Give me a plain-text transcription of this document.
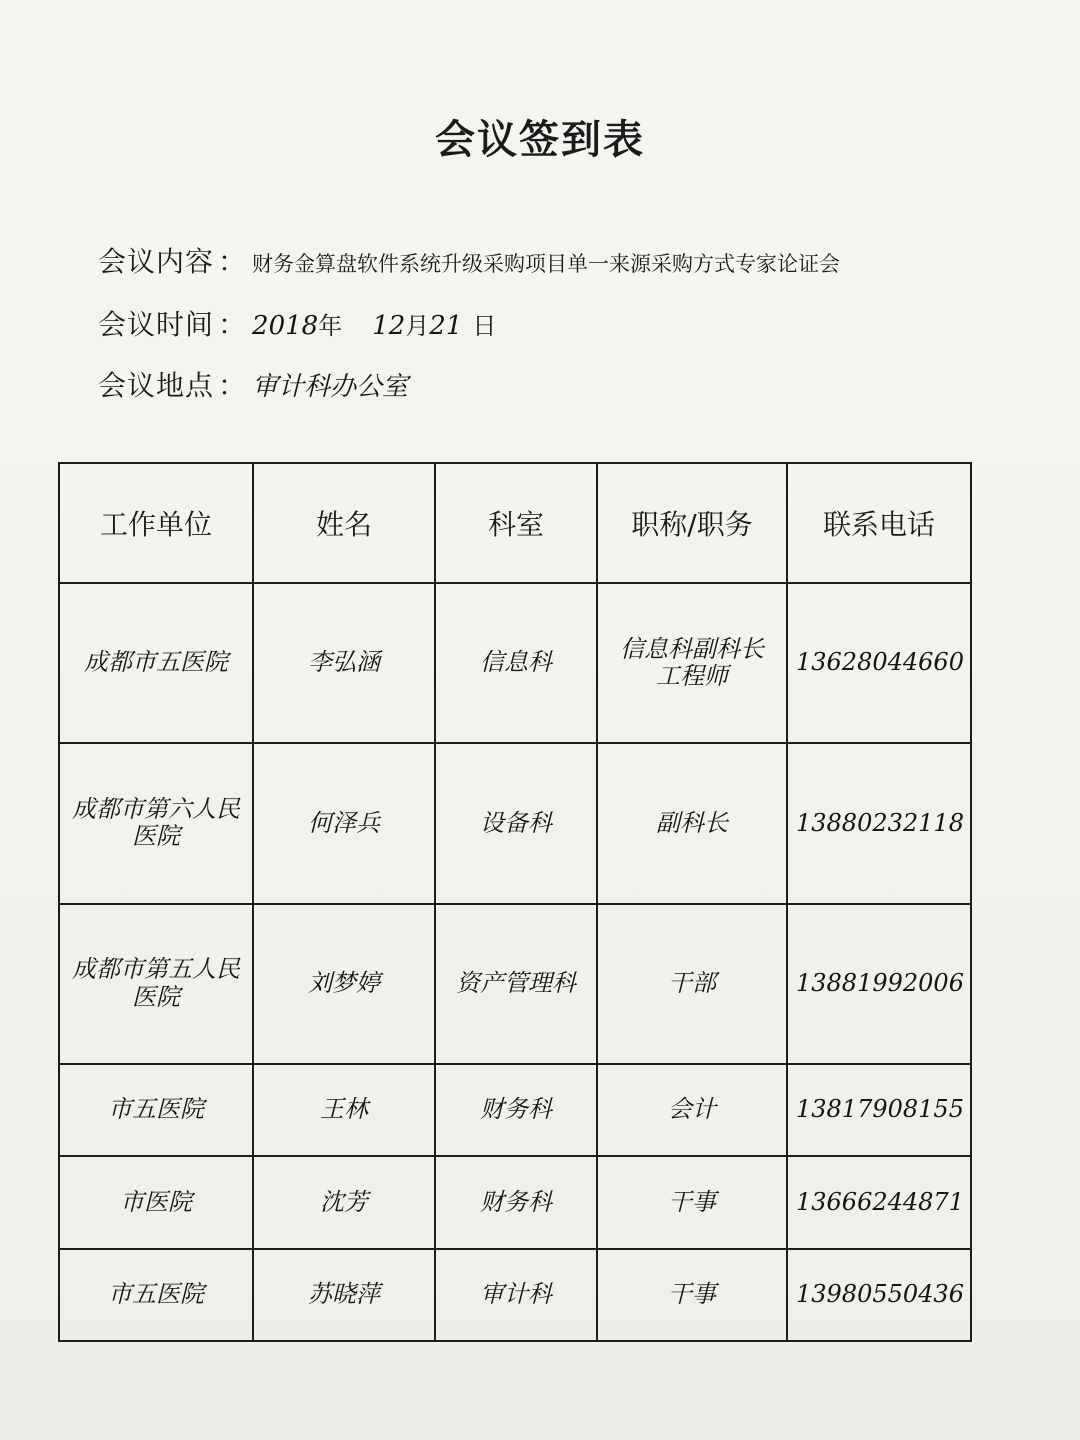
会议签到表
会议内容 ： 财务金算盘软件系统升级采购项目单一来源采购方式专家论证会
会议时间 ： 2018 年 12 月 21 日
会议地点 ： 审计科办公室
工作单位	姓名	科室	职称/职务	联系电话
成都市五医院	李弘涵	信息科	信息科副科长 工程师	13628044660
成都市第六人民医院	何泽兵	设备科	副科长	13880232118
成都市第五人民医院	刘梦婷	资产管理科	干部	13881992006
市五医院	王林	财务科	会计	13817908155
市医院	沈芳	财务科	干事	13666244871
市五医院	苏晓萍	审计科	干事	13980550436
